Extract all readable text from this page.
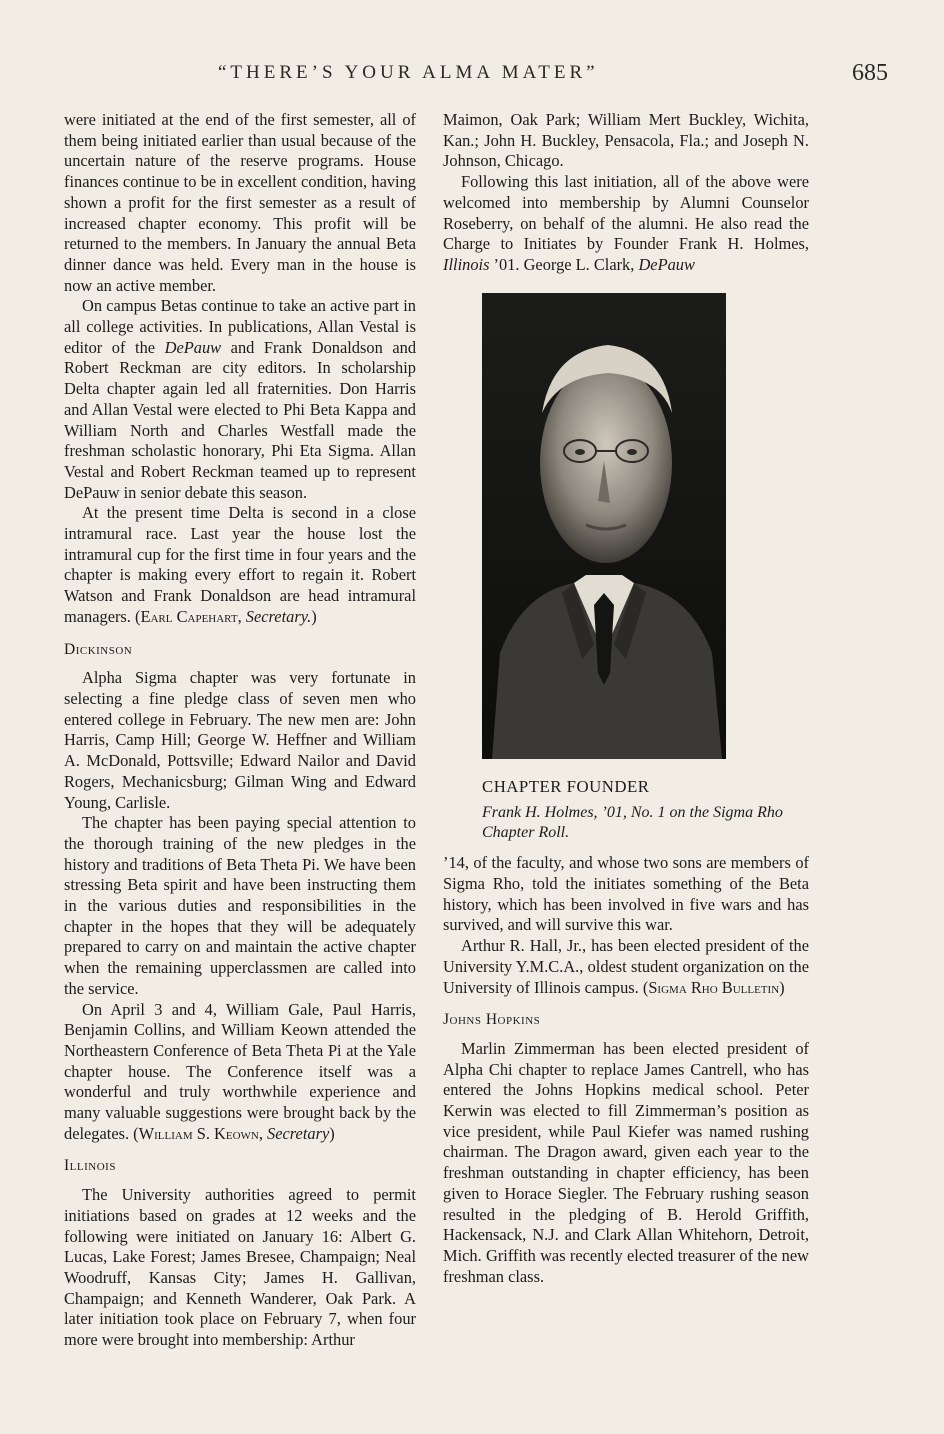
“THERE’S YOUR ALMA MATER”	685

were initiated at the end of the first semester, all of them being initiated earlier than usual because of the uncertain nature of the reserve programs. House finances continue to be in excellent condition, having shown a profit for the first semester as a result of increased chapter economy. This profit will be returned to the members. In January the annual Beta dinner dance was held. Every man in the house is now an active member.

On campus Betas continue to take an active part in all college activities. In publications, Allan Vestal is editor of the DePauw and Frank Donaldson and Robert Reckman are city editors. In scholarship Delta chapter again led all fraternities. Don Harris and Allan Vestal were elected to Phi Beta Kappa and William North and Charles Westfall made the freshman scholastic honorary, Phi Eta Sigma. Allan Vestal and Robert Reckman teamed up to represent DePauw in senior debate this season.

At the present time Delta is second in a close intramural race. Last year the house lost the intramural cup for the first time in four years and the chapter is making every effort to regain it. Robert Watson and Frank Donaldson are head intramural managers. (Earl Capehart, Secretary.)

Dickinson

Alpha Sigma chapter was very fortunate in selecting a fine pledge class of seven men who entered college in February. The new men are: John Harris, Camp Hill; George W. Heffner and William A. McDonald, Pottsville; Edward Nailor and David Rogers, Mechanicsburg; Gilman Wing and Edward Young, Carlisle.

The chapter has been paying special attention to the thorough training of the new pledges in the history and traditions of Beta Theta Pi. We have been stressing Beta spirit and have been instructing them in the various duties and responsibilities in the chapter in the hopes that they will be adequately prepared to carry on and maintain the active chapter when the remaining upperclassmen are called into the service.

On April 3 and 4, William Gale, Paul Harris, Benjamin Collins, and William Keown attended the Northeastern Conference of Beta Theta Pi at the Yale chapter house. The Conference itself was a wonderful and truly worthwhile experience and many valuable suggestions were brought back by the delegates. (William S. Keown, Secretary)

Illinois

The University authorities agreed to permit initiations based on grades at 12 weeks and the following were initiated on January 16: Albert G. Lucas, Lake Forest; James Bresee, Champaign; Neal Woodruff, Kansas City; James H. Gallivan, Champaign; and Kenneth Wanderer, Oak Park. A later initiation took place on February 7, when four more were brought into membership: Arthur

Maimon, Oak Park; William Mert Buckley, Wichita, Kan.; John H. Buckley, Pensacola, Fla.; and Joseph N. Johnson, Chicago.

Following this last initiation, all of the above were welcomed into membership by Alumni Counselor Roseberry, on behalf of the alumni. He also read the Charge to Initiates by Founder Frank H. Holmes, Illinois ’01. George L. Clark, DePauw

CHAPTER FOUNDER
Frank H. Holmes, ’01, No. 1 on the Sigma Rho Chapter Roll.

’14, of the faculty, and whose two sons are members of Sigma Rho, told the initiates something of the Beta history, which has been involved in five wars and has survived, and will survive this war.

Arthur R. Hall, Jr., has been elected president of the University Y.M.C.A., oldest student organization on the University of Illinois campus. (Sigma Rho Bulletin)

Johns Hopkins

Marlin Zimmerman has been elected president of Alpha Chi chapter to replace James Cantrell, who has entered the Johns Hopkins medical school. Peter Kerwin was elected to fill Zimmerman’s position as vice president, while Paul Kiefer was named rushing chairman. The Dragon award, given each year to the freshman outstanding in chapter efficiency, has been given to Horace Siegler. The February rushing season resulted in the pledging of B. Herold Griffith, Hackensack, N.J. and Clark Allan Whitehorn, Detroit, Mich. Griffith was recently elected treasurer of the new freshman class.
